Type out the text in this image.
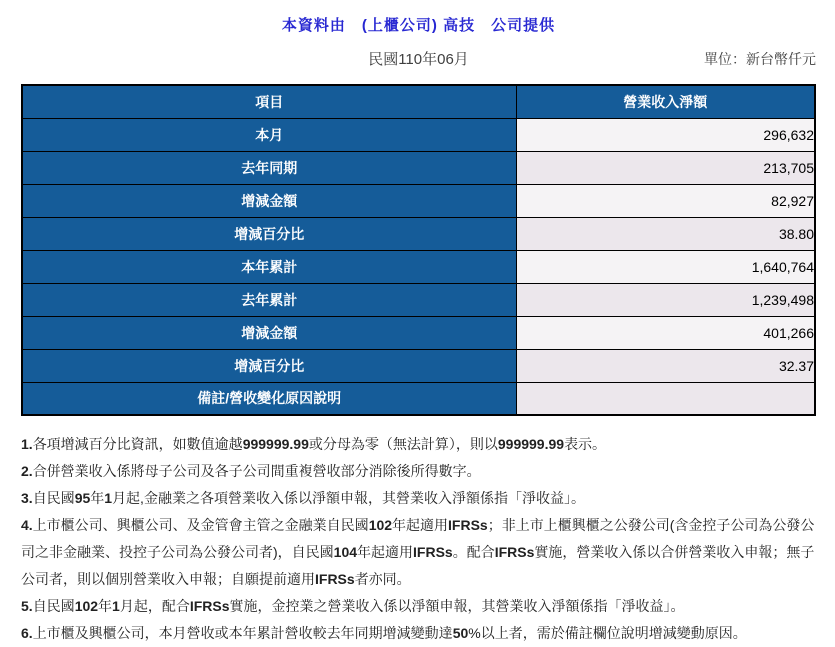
本資料由　(上櫃公司) 高技　公司提供
民國110年06月	單位：新台幣仟元
項目	營業收入淨額
本月	296,632
去年同期	213,705
增減金額	82,927
增減百分比	38.80
本年累計	1,640,764
去年累計	1,239,498
增減金額	401,266
增減百分比	32.37
備註/營收變化原因說明	

1.各項增減百分比資訊，如數值逾越999999.99或分母為零（無法計算），則以999999.99表示。

2.合併營業收入係將母子公司及各子公司間重複營收部分消除後所得數字。

3.自民國95年1月起,金融業之各項營業收入係以淨額申報，其營業收入淨額係指「淨收益」。

4.上市櫃公司、興櫃公司、及金管會主管之金融業自民國102年起適用IFRSs；非上市上櫃興櫃之公發公司(含金控子公司為公發公司之非金融業、投控子公司為公發公司者)，自民國104年起適用IFRSs。配合IFRSs實施，營業收入係以合併營業收入申報；無子公司者，則以個別營業收入申報；自願提前適用IFRSs者亦同。

5.自民國102年1月起，配合IFRSs實施，金控業之營業收入係以淨額申報，其營業收入淨額係指「淨收益」。

6.上市櫃及興櫃公司，本月營收或本年累計營收較去年同期增減變動達50%以上者，需於備註欄位說明增減變動原因。
